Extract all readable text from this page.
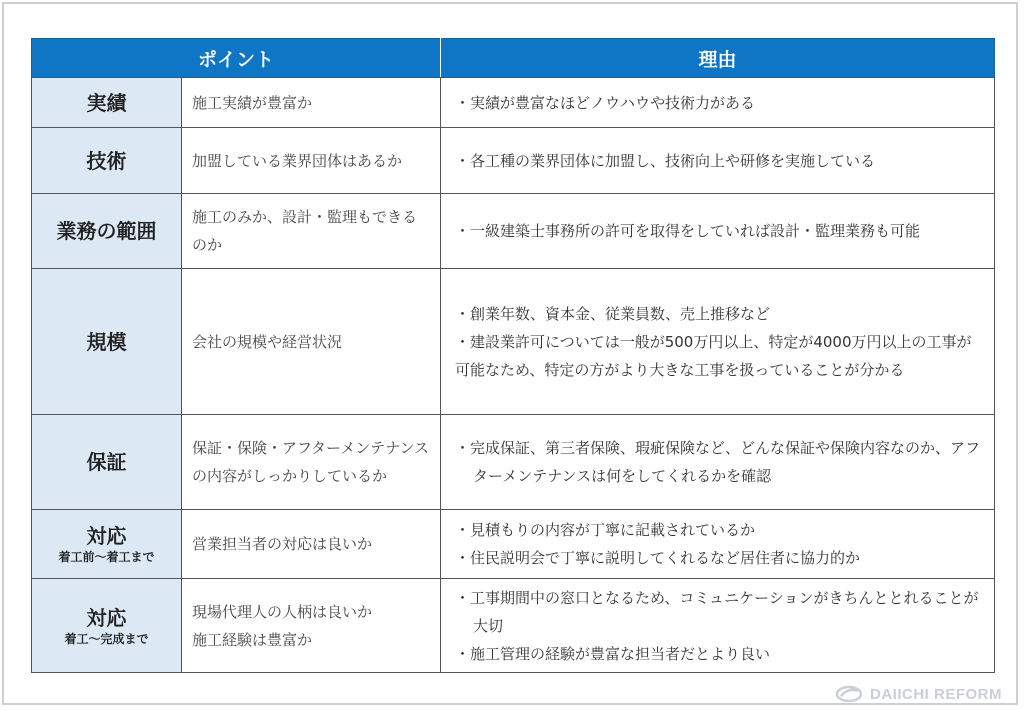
ポイント		理由

実績	施工実績が豊富か	・実績が豊富なほどノウハウや技術力がある

技術	加盟している業界団体はあるか	・各工種の業界団体に加盟し、技術向上や研修を実施している

業務の範囲	施工のみか、設計・監理もできるのか	・一級建築士事務所の許可を取得をしていれば設計・監理業務も可能

規模	会社の規模や経営状況	・創業年数、資本金、従業員数、売上推移など
・建設業許可については一般が500万円以上、特定が4000万円以上の工事が可能なため、特定の方がより大きな工事を扱っていることが分かる

保証	保証・保険・アフターメンテナンスの内容がしっかりしているか	・完成保証、第三者保険、瑕疵保険など、どんな保証や保険内容なのか、アフターメンテナンスは何をしてくれるかを確認

対応
着工前～着工まで	営業担当者の対応は良いか	・見積もりの内容が丁寧に記載されているか
・住民説明会で丁寧に説明してくれるなど居住者に協力的か

対応
着工～完成まで	現場代理人の人柄は良いか
施工経験は豊富か	・工事期間中の窓口となるため、コミュニケーションがきちんととれることが大切
・施工管理の経験が豊富な担当者だとより良い
DAIICHI REFORM
